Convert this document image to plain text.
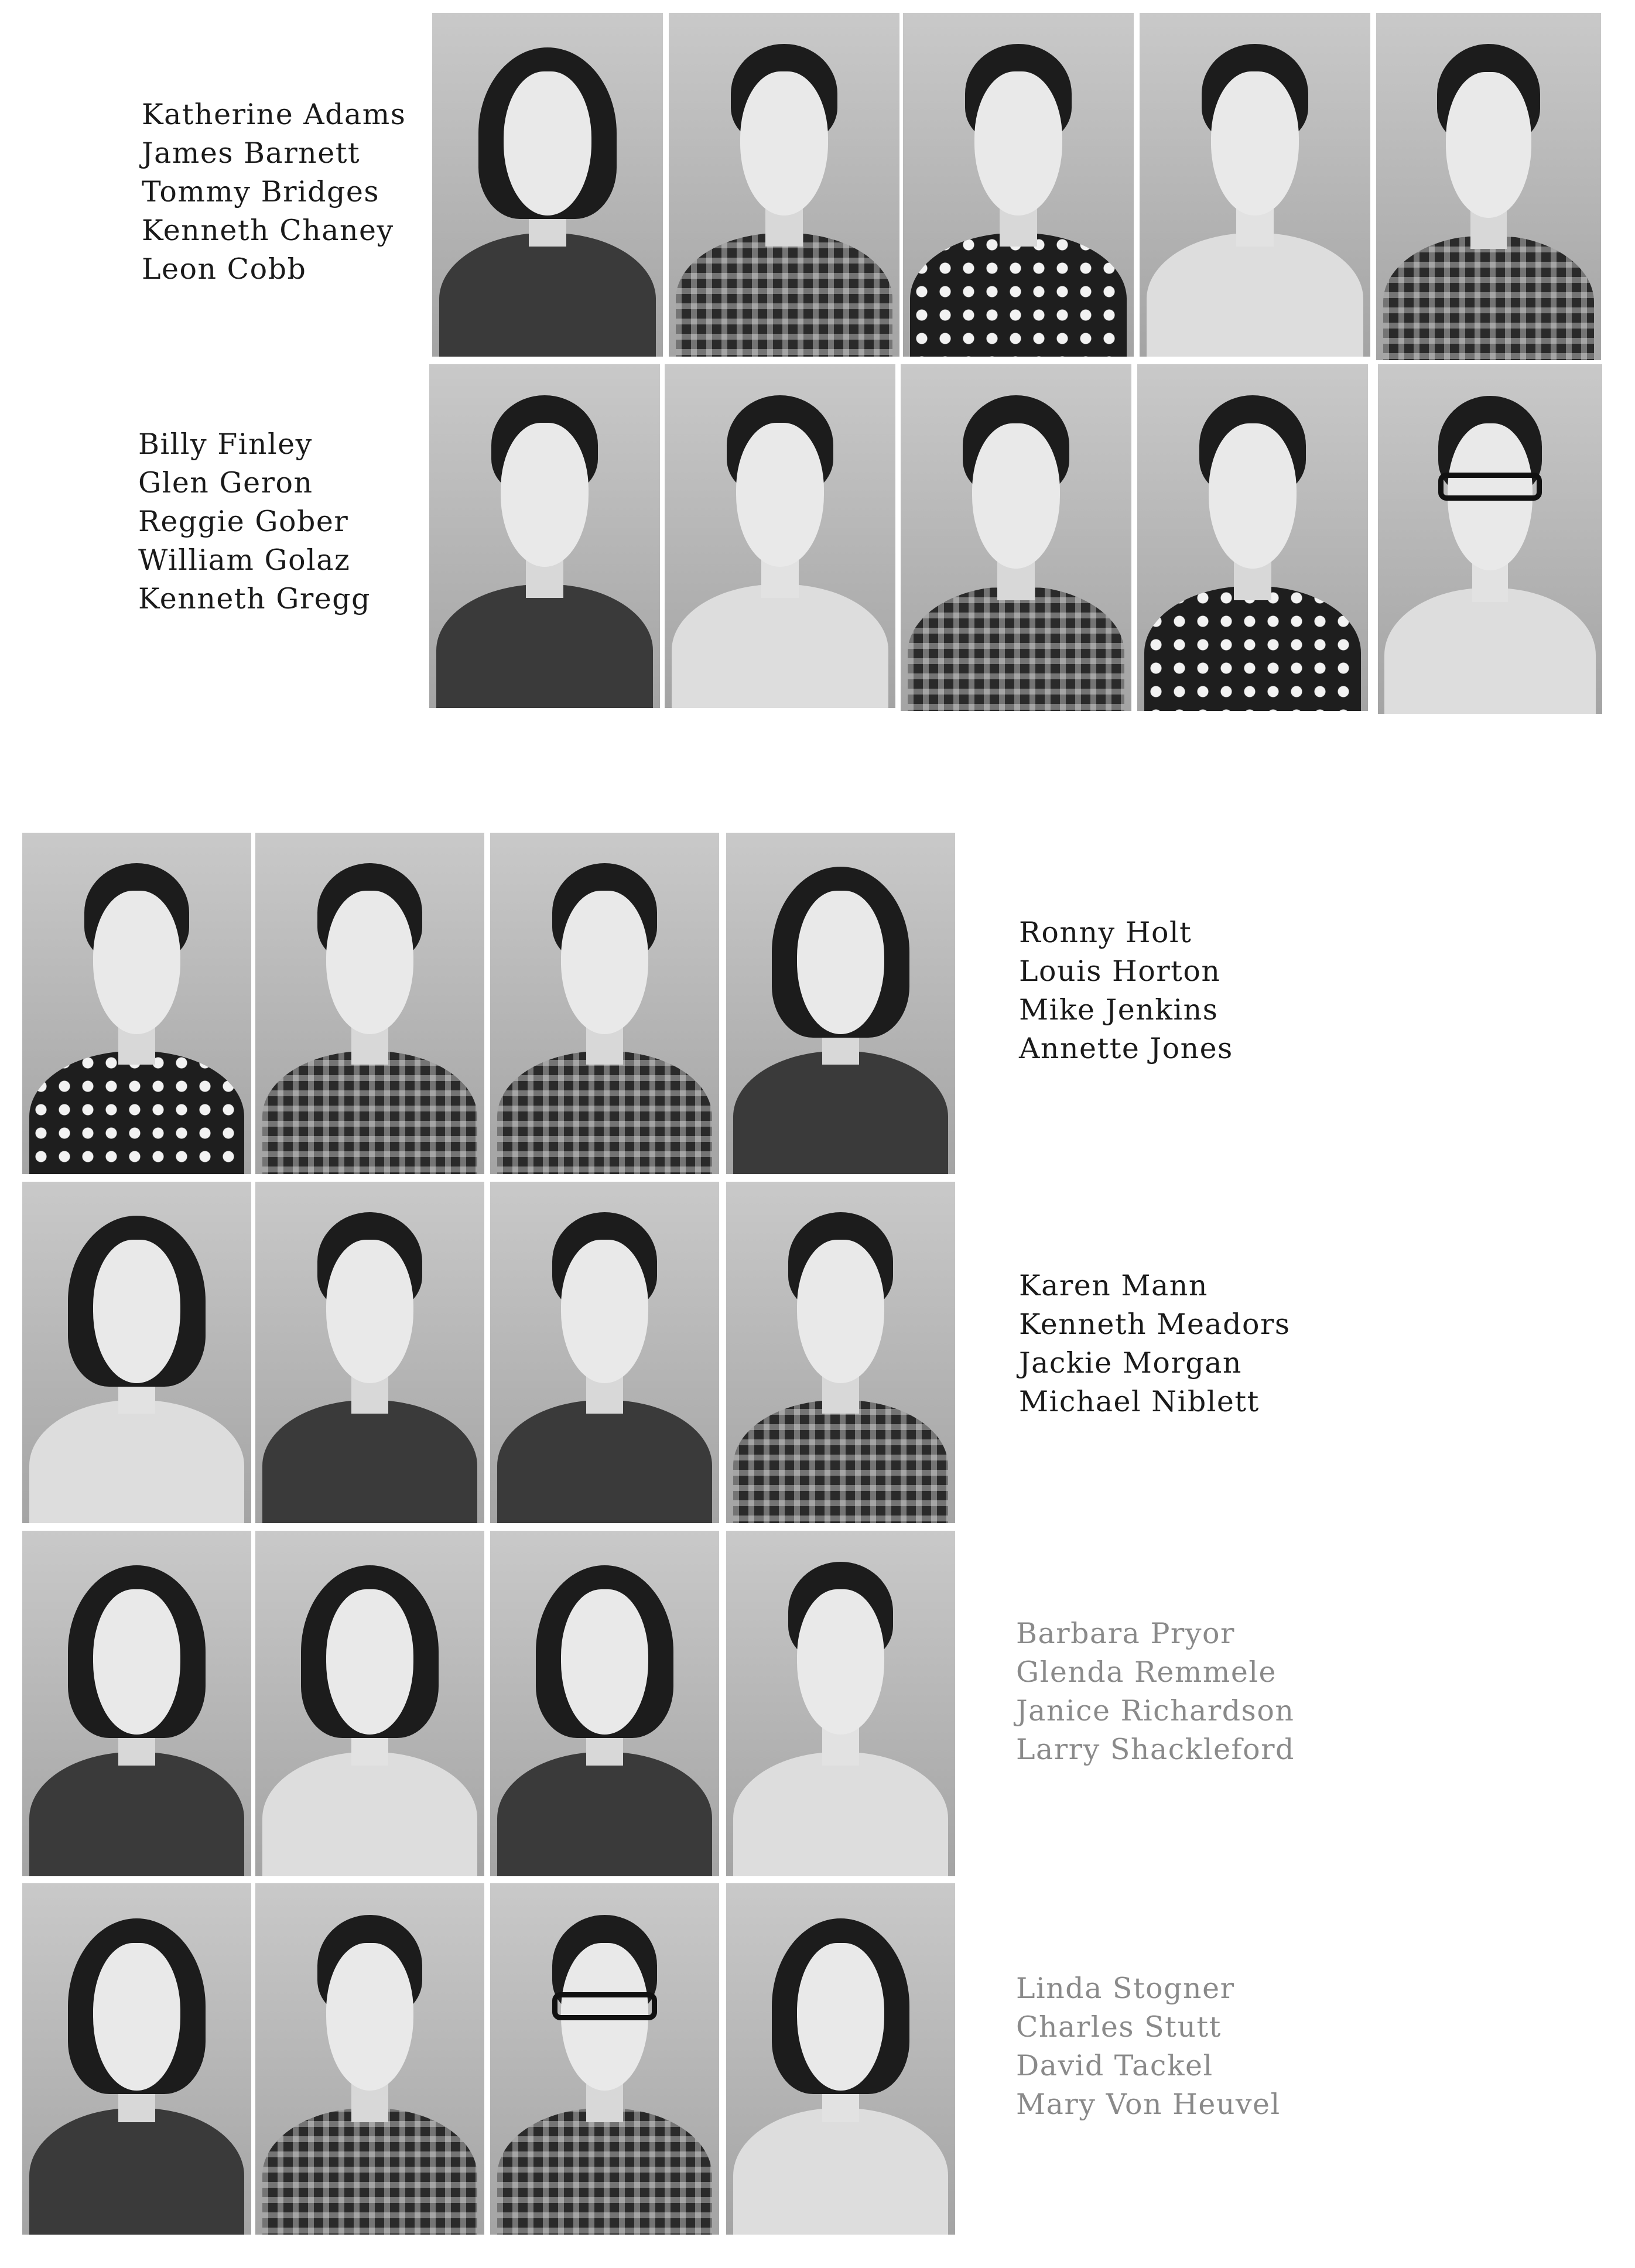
Katherine Adams
James Barnett
Tommy Bridges
Kenneth Chaney
Leon Cobb
Billy Finley
Glen Geron
Reggie Gober
William Golaz
Kenneth Gregg
Ronny Holt
Louis Horton
Mike Jenkins
Annette Jones
Karen Mann
Kenneth Meadors
Jackie Morgan
Michael Niblett
Barbara Pryor
Glenda Remmele
Janice Richardson
Larry Shackleford
Linda Stogner
Charles Stutt
David Tackel
Mary Von Heuvel
